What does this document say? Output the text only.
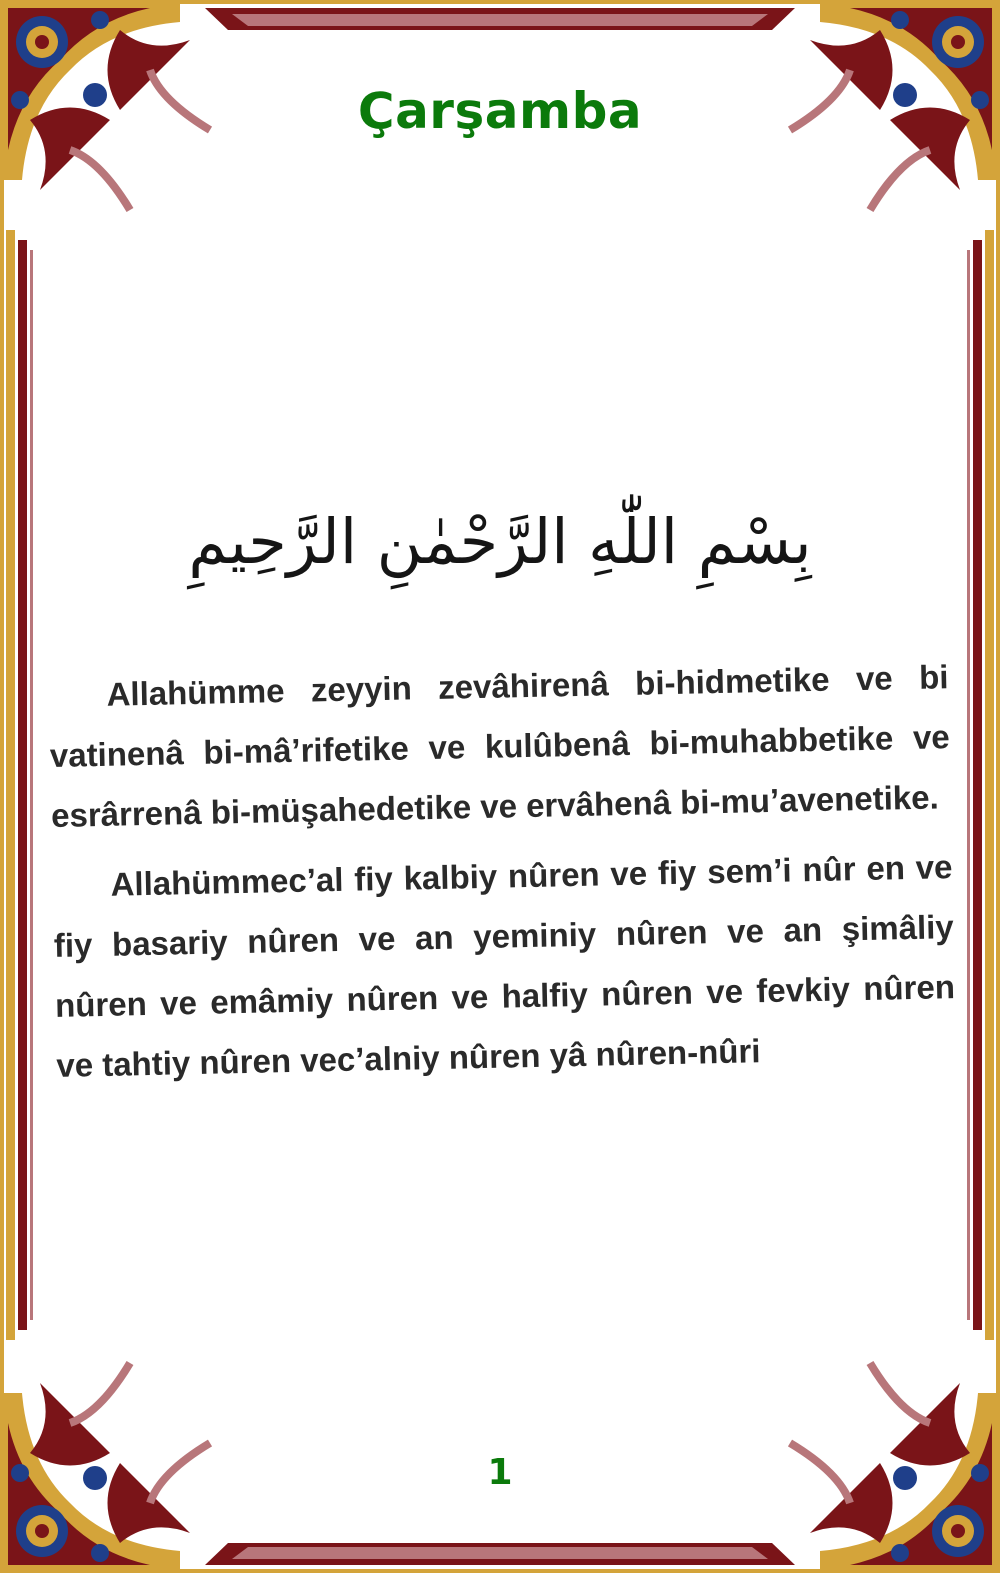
Çarşamba
بِسْمِ اللّٰهِ الرَّحْمٰنِ الرَّحِيمِ

Allahümme zeyyin zevâhirenâ bi-hidmetike ve bi vatinenâ bi-mâ’rifetike ve kulûbenâ bi-muhabbetike ve esrârrenâ bi-müşahedetike ve ervâhenâ bi-mu’avenetike.

Allahümmec’al fiy kalbiy nûren ve fiy sem’i nûr en ve fiy basariy nûren ve an yeminiy nûren ve an şimâliy nûren ve emâmiy nûren ve halfiy nûren ve fevkiy nûren ve tahtiy nûren vec’alniy nûren yâ nûren-nûri

1
